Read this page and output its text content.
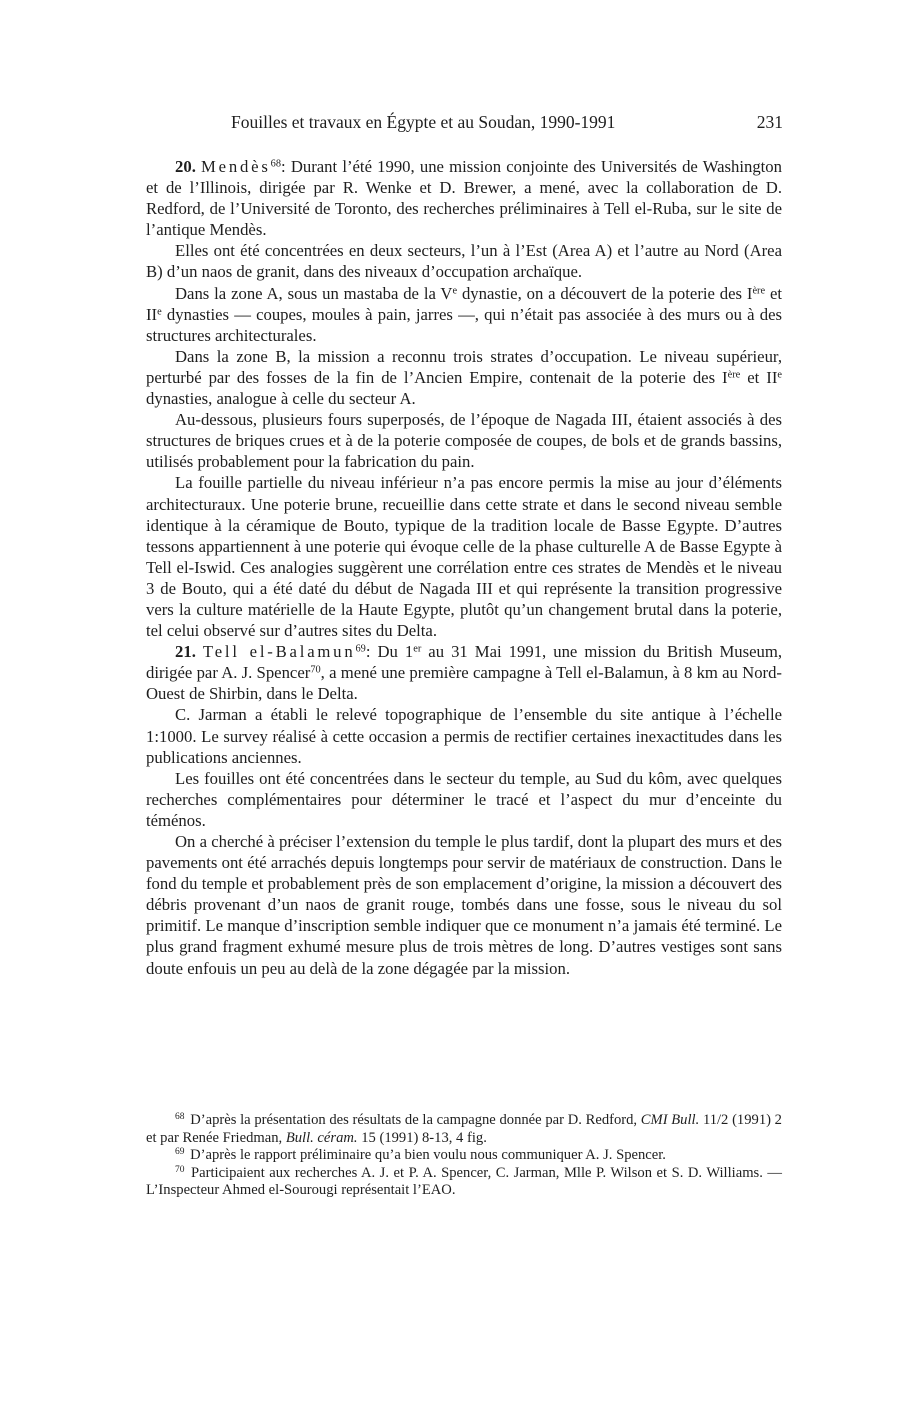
Fouilles et travaux en Égypte et au Soudan, 1990-1991	231

20. Mendès$^{68}$: Durant l’été 1990, une mission conjointe des Universités de Washington et de l’Illinois, dirigée par R. Wenke et D. Brewer, a mené, avec la collaboration de D. Redford, de l’Université de Toronto, des recherches préliminaires à Tell el-Ruba, sur le site de l’antique Mendès.

Elles ont été concentrées en deux secteurs, l’un à l’Est (Area A) et l’autre au Nord (Area B) d’un naos de granit, dans des niveaux d’occupation archaïque.

Dans la zone A, sous un mastaba de la Ve dynastie, on a découvert de la poterie des Ière et IIe dynasties — coupes, moules à pain, jarres —, qui n’était pas associée à des murs ou à des structures architecturales.

Dans la zone B, la mission a reconnu trois strates d’occupation. Le niveau supérieur, perturbé par des fosses de la fin de l’Ancien Empire, contenait de la poterie des Ière et IIe dynasties, analogue à celle du secteur A.

Au-dessous, plusieurs fours superposés, de l’époque de Nagada III, étaient associés à des structures de briques crues et à de la poterie composée de coupes, de bols et de grands bassins, utilisés probablement pour la fabrication du pain.

La fouille partielle du niveau inférieur n’a pas encore permis la mise au jour d’éléments architecturaux. Une poterie brune, recueillie dans cette strate et dans le second niveau semble identique à la céramique de Bouto, typique de la tradition locale de Basse Egypte. D’autres tessons appartiennent à une poterie qui évoque celle de la phase culturelle A de Basse Egypte à Tell el-Iswid. Ces analogies suggèrent une corrélation entre ces strates de Mendès et le niveau 3 de Bouto, qui a été daté du début de Nagada III et qui représente la transition progressive vers la culture matérielle de la Haute Egypte, plutôt qu’un changement brutal dans la poterie, tel celui observé sur d’autres sites du Delta.

21. Tell el-Balamun$^{69}$: Du 1er au 31 Mai 1991, une mission du British Museum, dirigée par A. J. Spencer$^{70}$, a mené une première campagne à Tell el-Balamun, à 8 km au Nord-Ouest de Shirbin, dans le Delta.

C. Jarman a établi le relevé topographique de l’ensemble du site antique à l’échelle 1:1000. Le survey réalisé à cette occasion a permis de rectifier certaines inexactitudes dans les publications anciennes.

Les fouilles ont été concentrées dans le secteur du temple, au Sud du kôm, avec quelques recherches complémentaires pour déterminer le tracé et l’aspect du mur d’enceinte du téménos.

On a cherché à préciser l’extension du temple le plus tardif, dont la plupart des murs et des pavements ont été arrachés depuis longtemps pour servir de matériaux de construction. Dans le fond du temple et probablement près de son emplacement d’origine, la mission a découvert des débris provenant d’un naos de granit rouge, tombés dans une fosse, sous le niveau du sol primitif. Le manque d’inscription semble indiquer que ce monument n’a jamais été terminé. Le plus grand fragment exhumé mesure plus de trois mètres de long. D’autres vestiges sont sans doute enfouis un peu au delà de la zone dégagée par la mission.

$^{68}$ D’après la présentation des résultats de la campagne donnée par D. Redford, CMI Bull. 11/2 (1991) 2 et par Renée Friedman, Bull. céram. 15 (1991) 8-13, 4 fig.

$^{69}$ D’après le rapport préliminaire qu’a bien voulu nous communiquer A. J. Spencer.

$^{70}$ Participaient aux recherches A. J. et P. A. Spencer, C. Jarman, Mlle P. Wilson et S. D. Williams. — L’Inspecteur Ahmed el-Sourougi représentait l’EAO.
